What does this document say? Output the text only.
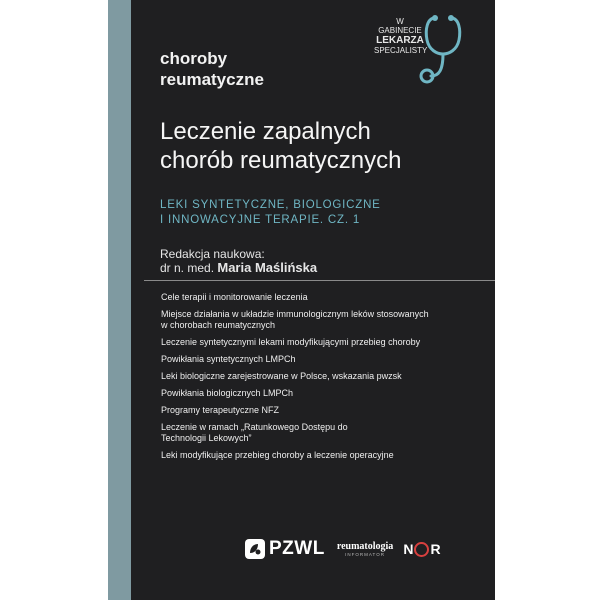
choroby
reumatyczne
W GABINECIE
LEKARZA
SPECJALISTY
Leczenie zapalnych
chorób reumatycznych
LEKI SYNTETYCZNE, BIOLOGICZNE
I INNOWACYJNE TERAPIE. CZ. 1
Redakcja naukowa:
dr n. med. Maria Maślińska
Cele terapii i monitorowanie leczenia
Miejsce działania w układzie immunologicznym leków stosowanych
w chorobach reumatycznych
Leczenie syntetycznymi lekami modyfikującymi przebieg choroby
Powikłania syntetycznych LMPCh
Leki biologiczne zarejestrowane w Polsce, wskazania pwzsk
Powikłania biologicznych LMPCh
Programy terapeutyczne NFZ
Leczenie w ramach „Ratunkowego Dostępu do
Technologii Lekowych”
Leki modyfikujące przebieg choroby a leczenie operacyjne
PZWL reumatologia
INFORMATOR	N R
